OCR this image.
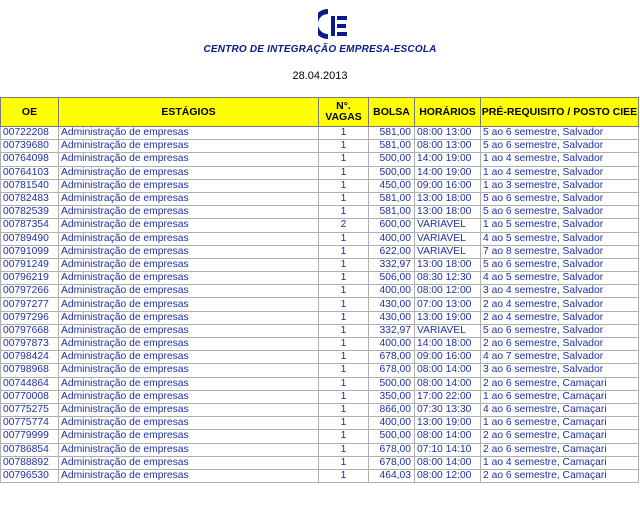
CiEE
CENTRO DE INTEGRAÇÃO EMPRESA-ESCOLA
28.04.2013
OE	ESTÁGIOS	N°. VAGAS	BOLSA	HORÁRIOS	PRÉ-REQUISITO / POSTO CIEE
00722208	Administração de empresas	1	581,00	08:00 13:00	5 ao 6 semestre, Salvador
00739680	Administração de empresas	1	581,00	08:00 13:00	5 ao 6 semestre, Salvador
00764098	Administração de empresas	1	500,00	14:00 19:00	1 ao 4 semestre, Salvador
00764103	Administração de empresas	1	500,00	14:00 19:00	1 ao 4 semestre, Salvador
00781540	Administração de empresas	1	450,00	09:00 16:00	1 ao 3 semestre, Salvador
00782483	Administração de empresas	1	581,00	13:00 18:00	5 ao 6 semestre, Salvador
00782539	Administração de empresas	1	581,00	13:00 18:00	5 ao 6 semestre, Salvador
00787354	Administração de empresas	2	600,00	VARIAVEL	1 ao 5 semestre, Salvador
00789490	Administração de empresas	1	400,00	VARIAVEL	4 ao 5 semestre, Salvador
00791099	Administração de empresas	1	622,00	VARIAVEL	7 ao 8 semestre, Salvador
00791249	Administração de empresas	1	332,97	13:00 18:00	5 ao 6 semestre, Salvador
00796219	Administração de empresas	1	506,00	08:30 12:30	4 ao 5 semestre, Salvador
00797266	Administração de empresas	1	400,00	08:00 12:00	3 ao 4 semestre, Salvador
00797277	Administração de empresas	1	430,00	07:00 13:00	2 ao 4 semestre, Salvador
00797296	Administração de empresas	1	430,00	13:00 19:00	2 ao 4 semestre, Salvador
00797668	Administração de empresas	1	332,97	VARIAVEL	5 ao 6 semestre, Salvador
00797873	Administração de empresas	1	400,00	14:00 18:00	2 ao 6 semestre, Salvador
00798424	Administração de empresas	1	678,00	09:00 16:00	4 ao 7 semestre, Salvador
00798968	Administração de empresas	1	678,00	08:00 14:00	3 ao 6 semestre, Salvador
00744864	Administração de empresas	1	500,00	08:00 14:00	2 ao 6 semestre, Camaçari
00770008	Administração de empresas	1	350,00	17:00 22:00	1 ao 6 semestre, Camaçari
00775275	Administração de empresas	1	866,00	07:30 13:30	4 ao 6 semestre, Camaçari
00775774	Administração de empresas	1	400,00	13:00 19:00	1 ao 6 semestre, Camaçari
00779999	Administração de empresas	1	500,00	08:00 14:00	2 ao 6 semestre, Camaçari
00786854	Administração de empresas	1	678,00	07:10 14:10	2 ao 6 semestre, Camaçari
00788892	Administração de empresas	1	678,00	08:00 14:00	1 ao 4 semestre, Camaçari
00796530	Administração de empresas	1	464,03	08:00 12:00	2 ao 6 semestre, Camaçari
